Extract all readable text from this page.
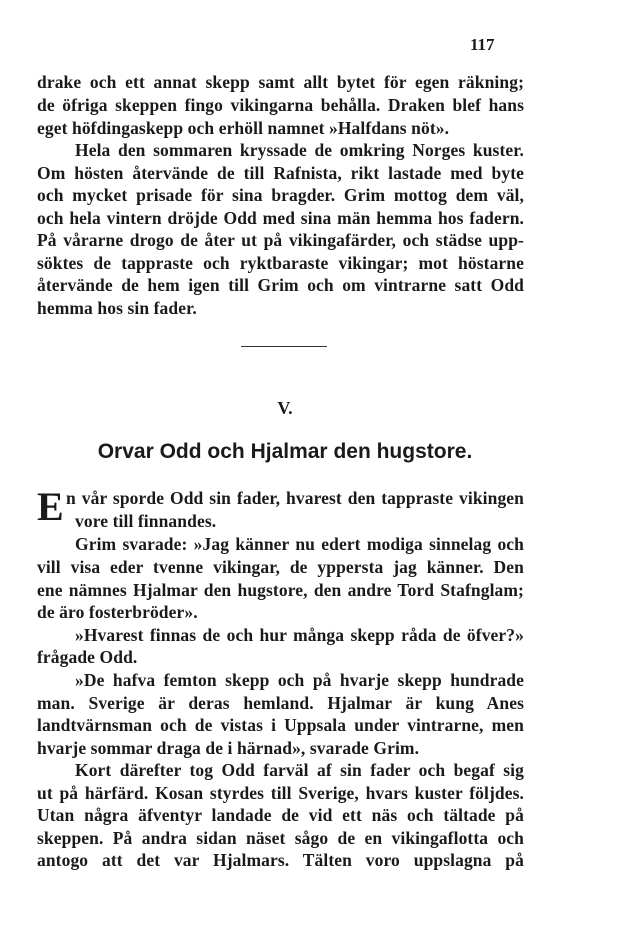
117
drake och ett annat skepp samt allt bytet för egen räkning;
de öfriga skeppen fingo vikingarna behålla. Draken blef hans
eget höfdingaskepp och erhöll namnet »Halfdans nöt».
Hela den sommaren kryssade de omkring Norges kuster.
Om hösten återvände de till Rafnista, rikt lastade med byte
och mycket prisade för sina bragder. Grim mottog dem väl,
och hela vintern dröjde Odd med sina män hemma hos fadern.
På vårarne drogo de åter ut på vikingafärder, och städse upp-
söktes de tappraste och ryktbaraste vikingar; mot höstarne
återvände de hem igen till Grim och om vintrarne satt Odd
hemma hos sin fader.
V.
Orvar Odd och Hjalmar den hugstore.
E n vår sporde Odd sin fader, hvarest den tappraste vikingen
vore till finnandes.
Grim svarade: »Jag känner nu edert modiga sinnelag och
vill visa eder tvenne vikingar, de yppersta jag känner. Den
ene nämnes Hjalmar den hugstore, den andre Tord Stafnglam;
de äro fosterbröder».
»Hvarest finnas de och hur många skepp råda de öfver?»
frågade Odd.
»De hafva femton skepp och på hvarje skepp hundrade
man. Sverige är deras hemland. Hjalmar är kung Anes
landtvärnsman och de vistas i Uppsala under vintrarne, men
hvarje sommar draga de i härnad», svarade Grim.
Kort därefter tog Odd farväl af sin fader och begaf sig
ut på härfärd. Kosan styrdes till Sverige, hvars kuster följdes.
Utan några äfventyr landade de vid ett näs och tältade på
skeppen. På andra sidan näset sågo de en vikingaflotta och
antogo att det var Hjalmars. Tälten voro uppslagna på
